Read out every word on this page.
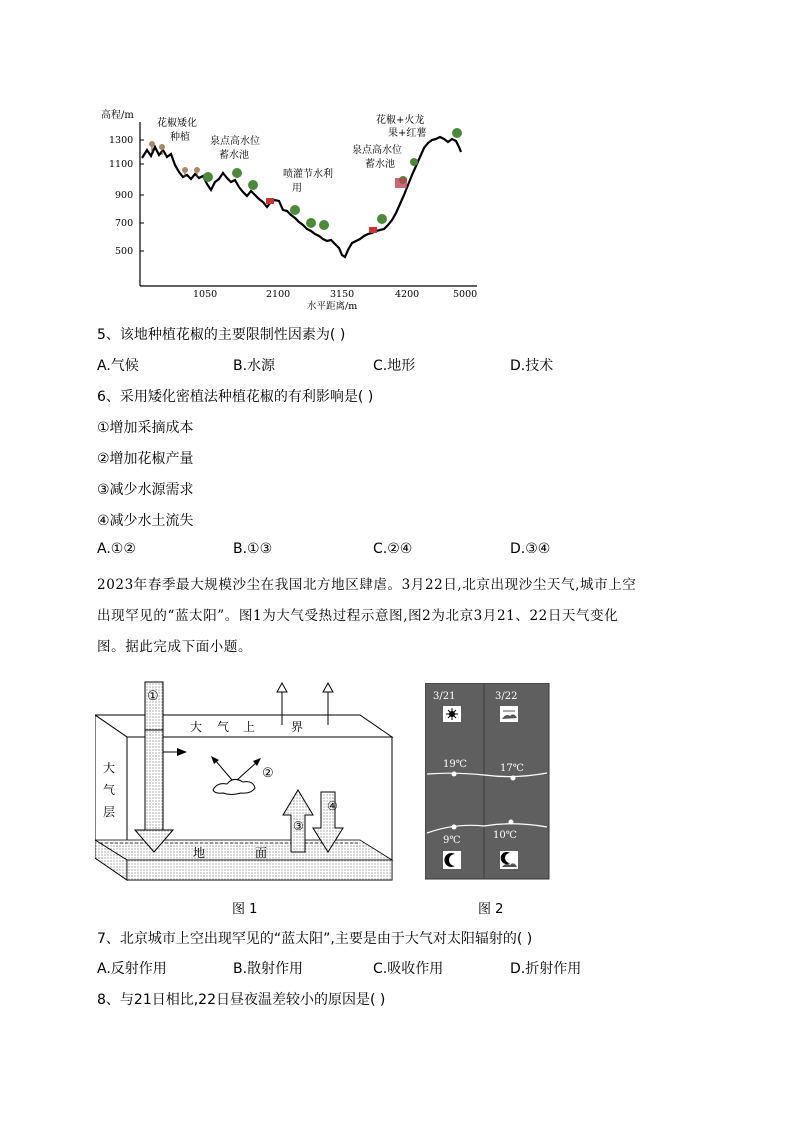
高程/m
1300
1100
900
700
500
1050	2100	3150	4200	5000
水平距离/m
花椒矮化
种植 泉点高水位
蓄水池
喷灌节水利
用
花椒+火龙
果+红薯
泉点高水位
蓄水池
5、该地种植花椒的主要限制性因素为( )
A.气候	B.水源	C.地形	D.技术
6、采用矮化密植法种植花椒的有利影响是( )
①增加采摘成本
②增加花椒产量
③减少水源需求
④减少水土流失
A.①②	B.①③	C.②④	D.③④
2023年春季最大规模沙尘在我国北方地区肆虐。3月22日,北京出现沙尘天气,城市上空
出现罕见的“蓝太阳”。图1为大气受热过程示意图,图2为北京3月21、22日天气变化
图。据此完成下面小题。
①
大 气 上	界
大
气
层
地	面
②
③
④
图 1
3/21	3/22
19℃	17℃
9℃	10℃
图 2
7、北京城市上空出现罕见的“蓝太阳”,主要是由于大气对太阳辐射的( )
A.反射作用	B.散射作用	C.吸收作用	D.折射作用
8、与21日相比,22日昼夜温差较小的原因是( )
